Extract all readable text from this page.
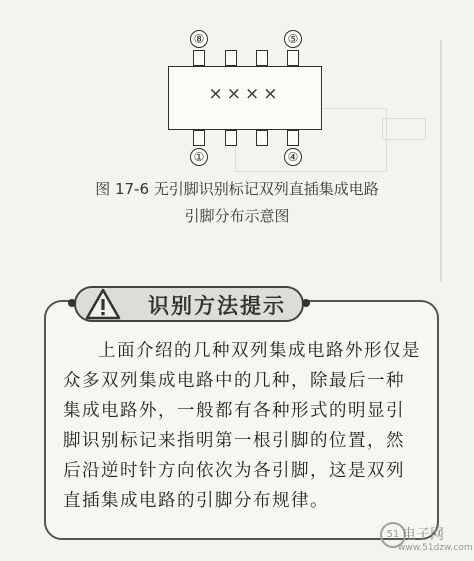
××××
⑧	⑤
①	④
图 17-6 无引脚识别标记双列直插集成电路
引脚分布示意图
识别方法提示

上面介绍的几种双列集成电路外形仅是众多双列集成电路中的几种，除最后一种集成电路外，一般都有各种形式的明显引脚识别标记来指明第一根引脚的位置，然后沿逆时针方向依次为各引脚，这是双列直插集成电路的引脚分布规律。

51 电子网
www.51dzw.com
